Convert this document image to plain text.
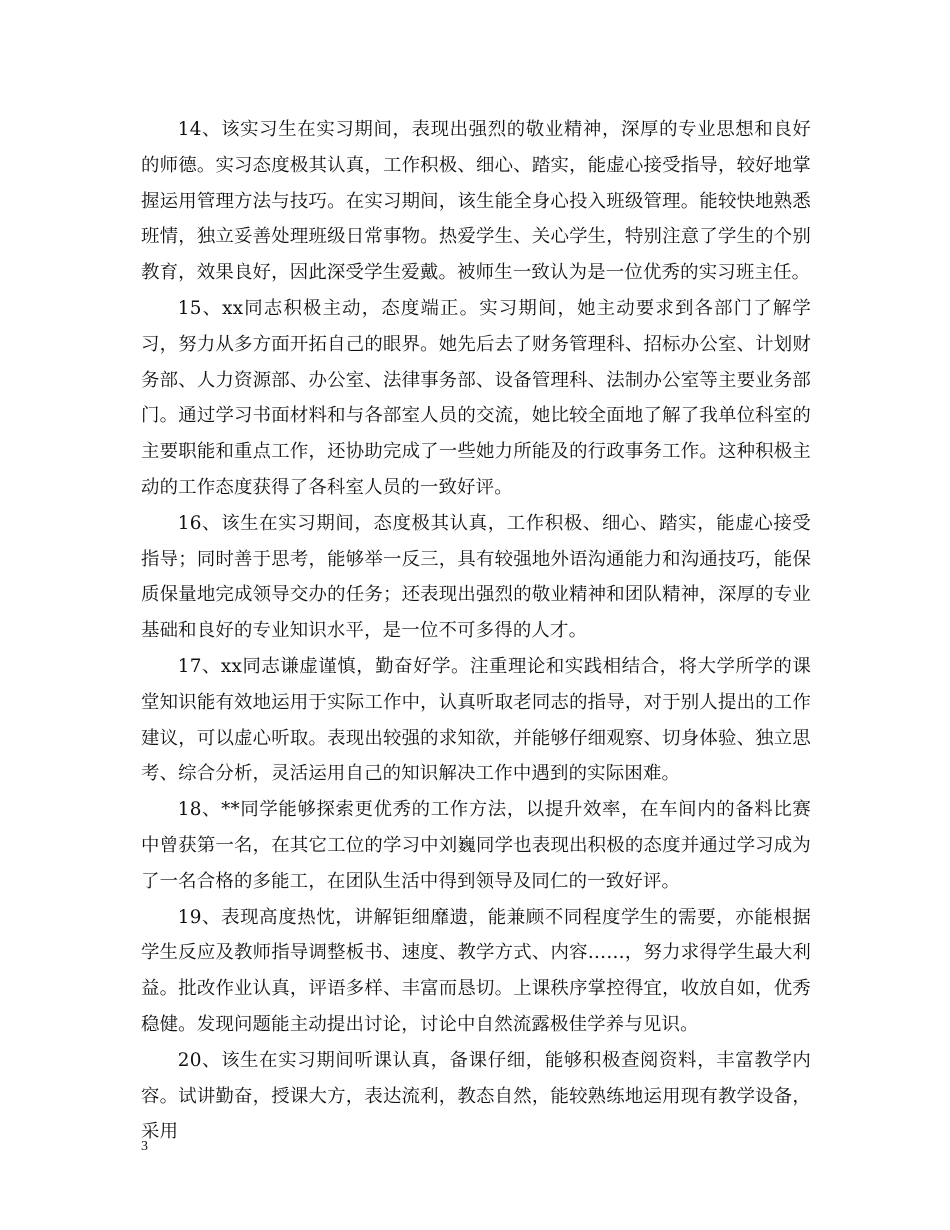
14、该实习生在实习期间，表现出强烈的敬业精神，深厚的专业思想和良好的师德。实习态度极其认真，工作积极、细心、踏实，能虚心接受指导，较好地掌握运用管理方法与技巧。在实习期间，该生能全身心投入班级管理。能较快地熟悉班情，独立妥善处理班级日常事物。热爱学生、关心学生，特别注意了学生的个别教育，效果良好，因此深受学生爱戴。被师生一致认为是一位优秀的实习班主任。

15、xx同志积极主动，态度端正。实习期间，她主动要求到各部门了解学习，努力从多方面开拓自己的眼界。她先后去了财务管理科、招标办公室、计划财务部、人力资源部、办公室、法律事务部、设备管理科、法制办公室等主要业务部门。通过学习书面材料和与各部室人员的交流，她比较全面地了解了我单位科室的主要职能和重点工作，还协助完成了一些她力所能及的行政事务工作。这种积极主动的工作态度获得了各科室人员的一致好评。

16、该生在实习期间，态度极其认真，工作积极、细心、踏实，能虚心接受指导；同时善于思考，能够举一反三，具有较强地外语沟通能力和沟通技巧，能保质保量地完成领导交办的任务；还表现出强烈的敬业精神和团队精神，深厚的专业基础和良好的专业知识水平，是一位不可多得的人才。

17、xx同志谦虚谨慎，勤奋好学。注重理论和实践相结合，将大学所学的课堂知识能有效地运用于实际工作中，认真听取老同志的指导，对于别人提出的工作建议，可以虚心听取。表现出较强的求知欲，并能够仔细观察、切身体验、独立思考、综合分析，灵活运用自己的知识解决工作中遇到的实际困难。

18、**同学能够探索更优秀的工作方法，以提升效率，在车间内的备料比赛中曾获第一名，在其它工位的学习中刘巍同学也表现出积极的态度并通过学习成为了一名合格的多能工，在团队生活中得到领导及同仁的一致好评。

19、表现高度热忱，讲解钜细靡遗，能兼顾不同程度学生的需要，亦能根据学生反应及教师指导调整板书、速度、教学方式、内容……，努力求得学生最大利益。批改作业认真，评语多样、丰富而恳切。上课秩序掌控得宜，收放自如，优秀稳健。发现问题能主动提出讨论，讨论中自然流露极佳学养与见识。

20、该生在实习期间听课认真，备课仔细，能够积极查阅资料，丰富教学内容。试讲勤奋，授课大方，表达流利，教态自然，能较熟练地运用现有教学设备，采用

3
